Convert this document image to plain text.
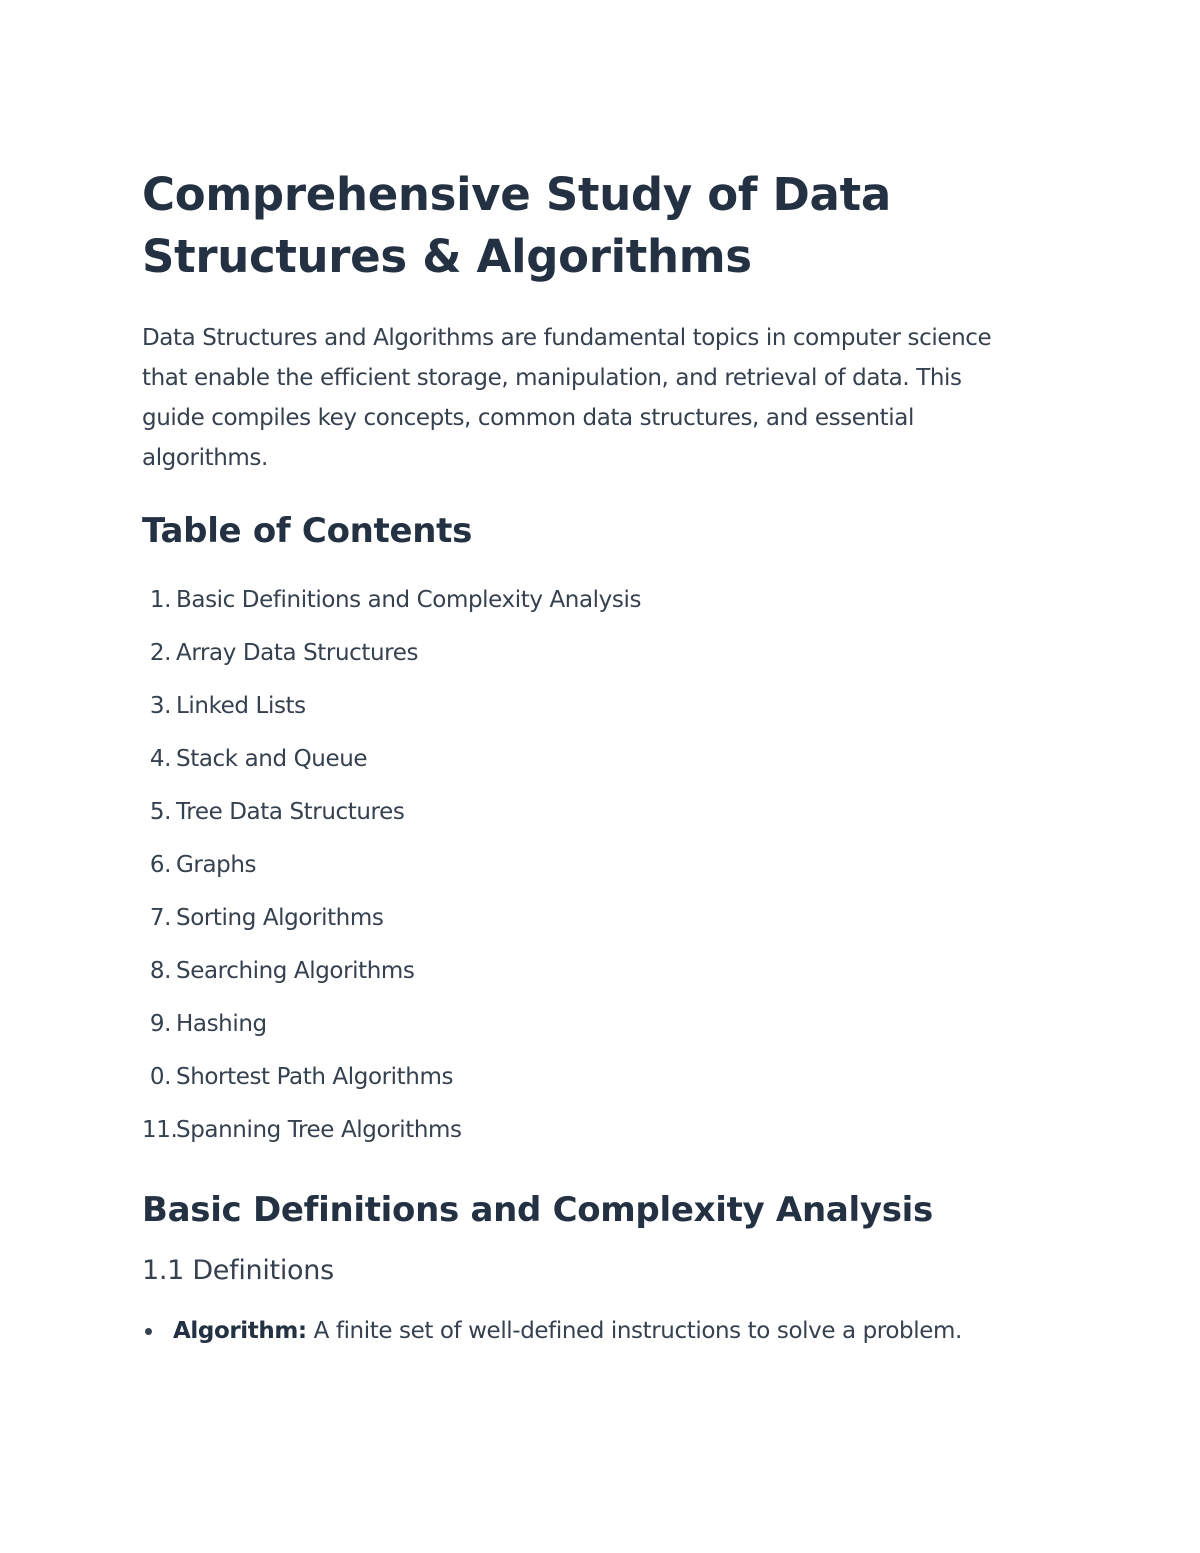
Comprehensive Study of Data
Structures & Algorithms

Data Structures and Algorithms are fundamental topics in computer science that enable the efficient storage, manipulation, and retrieval of data. This guide compiles key concepts, common data structures, and essential algorithms.

Table of Contents
1. Basic Definitions and Complexity Analysis
2. Array Data Structures
3. Linked Lists
4. Stack and Queue
5. Tree Data Structures
6. Graphs
7. Sorting Algorithms
8. Searching Algorithms
9. Hashing
0. Shortest Path Algorithms
11.
Spanning Tree Algorithms
Basic Definitions and Complexity Analysis
1.1 Definitions
Algorithm: A finite set of well-defined instructions to solve a problem.
